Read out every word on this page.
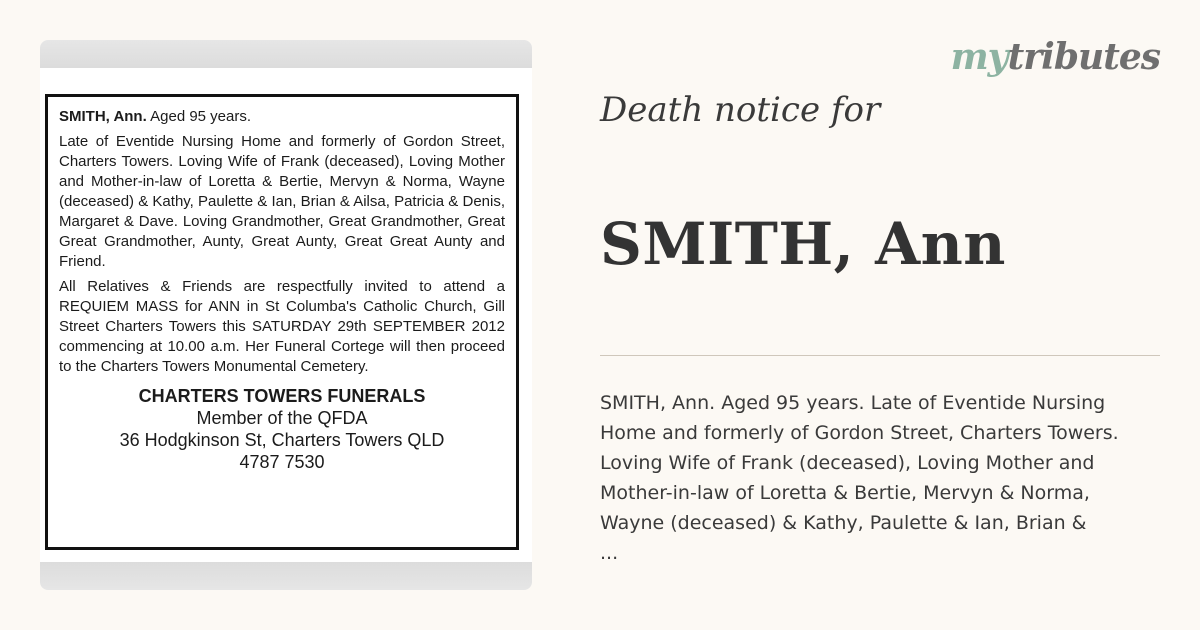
SMITH, Ann. Aged 95 years.

Late of Eventide Nursing Home and formerly of Gordon Street, Charters Towers. Loving Wife of Frank (deceased), Loving Mother and Mother-in-law of Loretta & Bertie, Mervyn & Norma, Wayne (deceased) & Kathy, Paulette & Ian, Brian & Ailsa, Patricia & Denis, Margaret & Dave. Loving Grandmother, Great Grandmother, Great Great Grandmother, Aunty, Great Aunty, Great Great Aunty and Friend.

All Relatives & Friends are respectfully invited to attend a REQUIEM MASS for ANN in St Columba's Catholic Church, Gill Street Charters Towers this SATURDAY 29th SEPTEMBER 2012 commencing at 10.00 a.m. Her Funeral Cortege will then proceed to the Charters Towers Monumental Cemetery.

CHARTERS TOWERS FUNERALS
Member of the QFDA
36 Hodgkinson St, Charters Towers QLD
4787 7530
mytributes
Death notice for
SMITH, Ann
SMITH, Ann. Aged 95 years. Late of Eventide Nursing
Home and formerly of Gordon Street, Charters Towers.
Loving Wife of Frank (deceased), Loving Mother and
Mother-in-law of Loretta & Bertie, Mervyn & Norma,
Wayne (deceased) & Kathy, Paulette & Ian, Brian &
...
